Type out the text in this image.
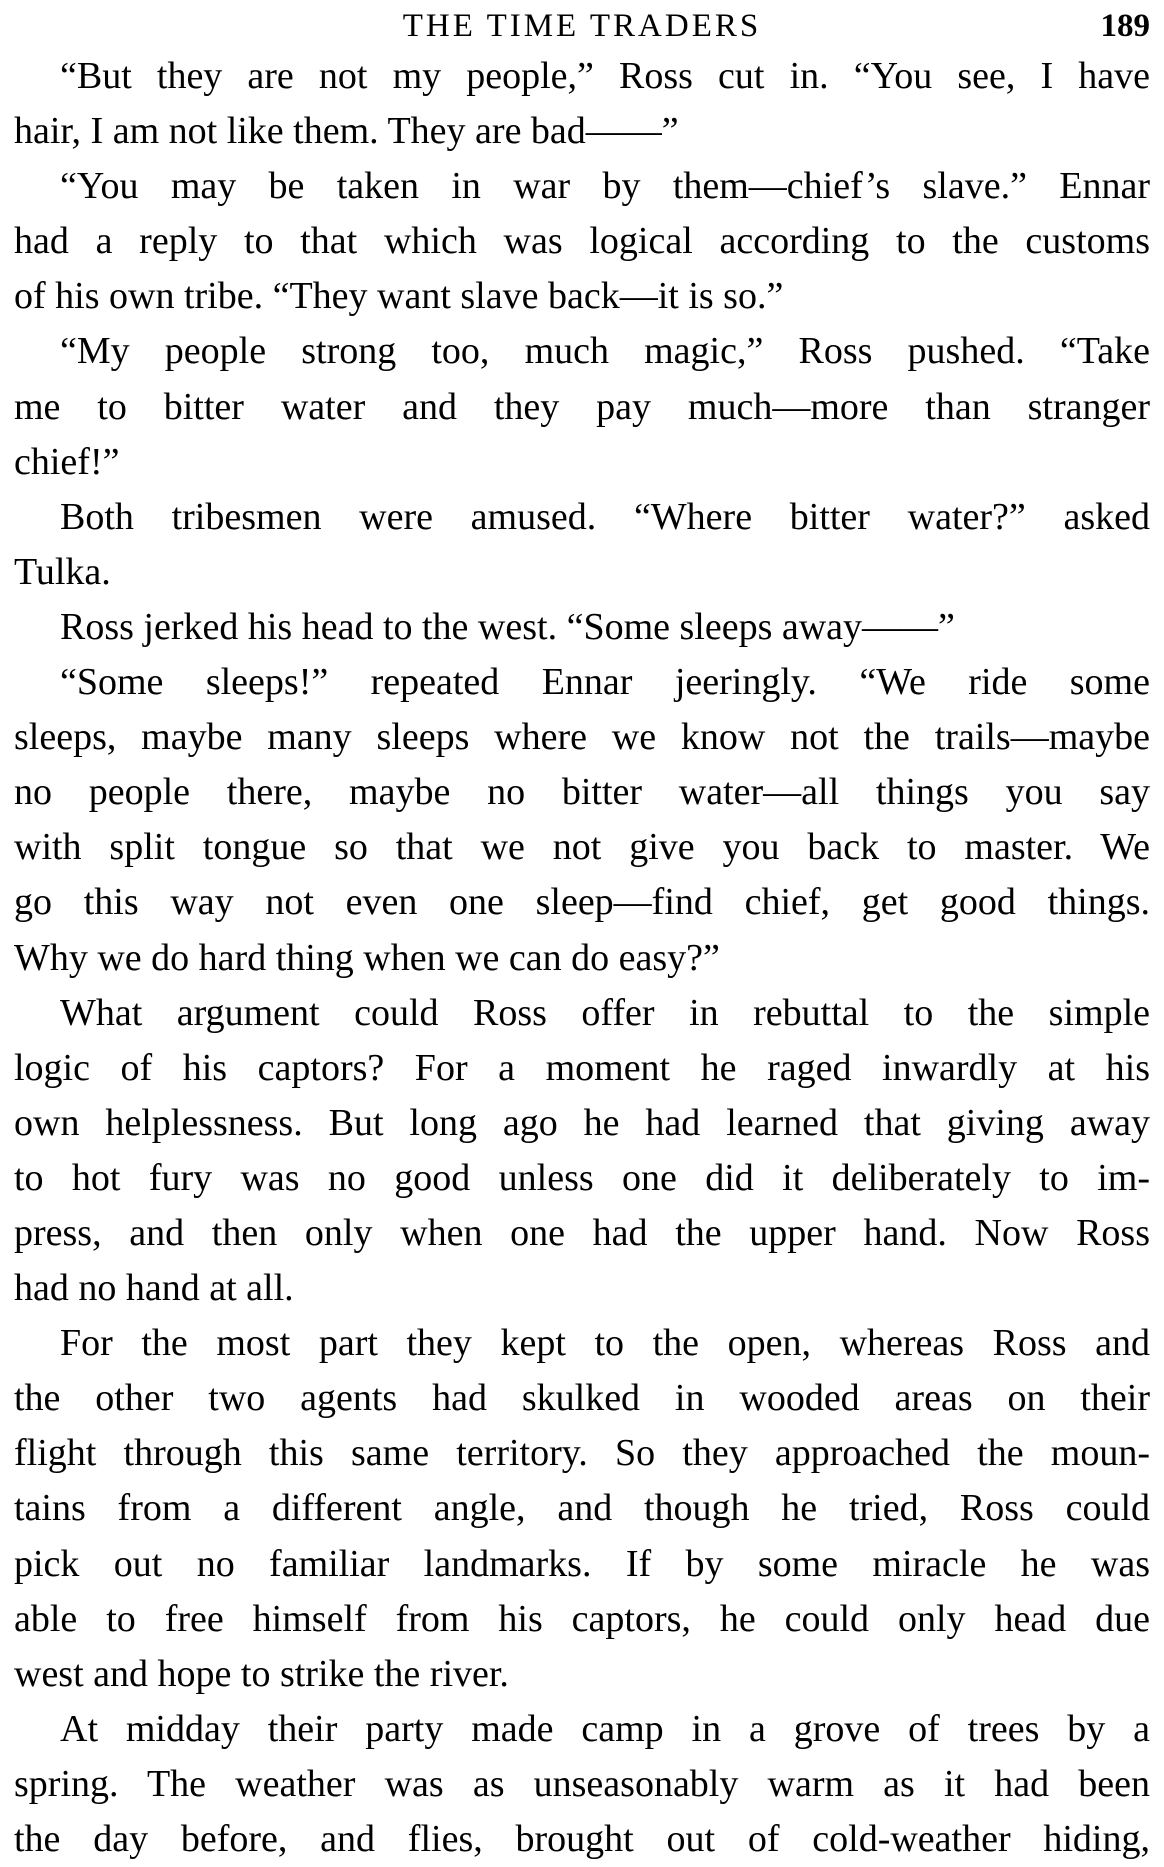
THE TIME TRADERS	189
“But they are not my people,” Ross cut in. “You see, I have
hair, I am not like them. They are bad——”
“You may be taken in war by them—chief’s slave.” Ennar
had a reply to that which was logical according to the customs
of his own tribe. “They want slave back—it is so.”
“My people strong too, much magic,” Ross pushed. “Take
me to bitter water and they pay much—more than stranger
chief!”
Both tribesmen were amused. “Where bitter water?” asked
Tulka.
Ross jerked his head to the west. “Some sleeps away——”
“Some sleeps!” repeated Ennar jeeringly. “We ride some
sleeps, maybe many sleeps where we know not the trails—maybe
no people there, maybe no bitter water—all things you say
with split tongue so that we not give you back to master. We
go this way not even one sleep—find chief, get good things.
Why we do hard thing when we can do easy?”
What argument could Ross offer in rebuttal to the simple
logic of his captors? For a moment he raged inwardly at his
own helplessness. But long ago he had learned that giving away
to hot fury was no good unless one did it deliberately to im-
press, and then only when one had the upper hand. Now Ross
had no hand at all.
For the most part they kept to the open, whereas Ross and
the other two agents had skulked in wooded areas on their
flight through this same territory. So they approached the moun-
tains from a different angle, and though he tried, Ross could
pick out no familiar landmarks. If by some miracle he was
able to free himself from his captors, he could only head due
west and hope to strike the river.
At midday their party made camp in a grove of trees by a
spring. The weather was as unseasonably warm as it had been
the day before, and flies, brought out of cold-weather hiding,
